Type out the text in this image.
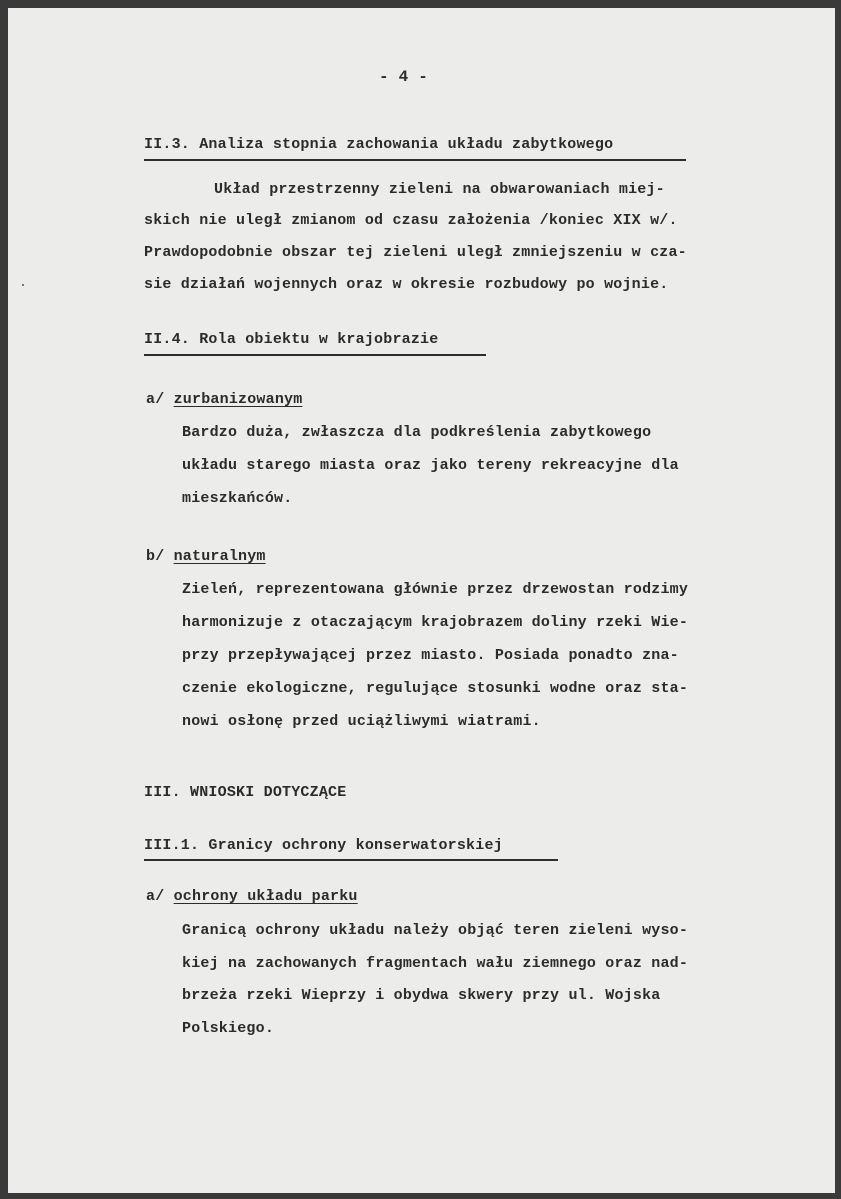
- 4 -
II.3. Analiza stopnia zachowania układu zabytkowego
Układ przestrzenny zieleni na obwarowaniach miej-
skich nie uległ zmianom od czasu założenia /koniec XIX w/.
Prawdopodobnie obszar tej zieleni uległ zmniejszeniu w cza-
sie działań wojennych oraz w okresie rozbudowy po wojnie.
II.4. Rola obiektu w krajobrazie
a/ zurbanizowanym
Bardzo duża, zwłaszcza dla podkreślenia zabytkowego
układu starego miasta oraz jako tereny rekreacyjne dla
mieszkańców.
b/ naturalnym
Zieleń, reprezentowana głównie przez drzewostan rodzimy
harmonizuje z otaczającym krajobrazem doliny rzeki Wie-
przy przepływającej przez miasto. Posiada ponadto zna-
czenie ekologiczne, regulujące stosunki wodne oraz sta-
nowi osłonę przed uciążliwymi wiatrami.
III. WNIOSKI DOTYCZĄCE
III.1. Granicy ochrony konserwatorskiej
a/ ochrony układu parku
Granicą ochrony układu należy objąć teren zieleni wyso-
kiej na zachowanych fragmentach wału ziemnego oraz nad-
brzeża rzeki Wieprzy i obydwa skwery przy ul. Wojska
Polskiego.
